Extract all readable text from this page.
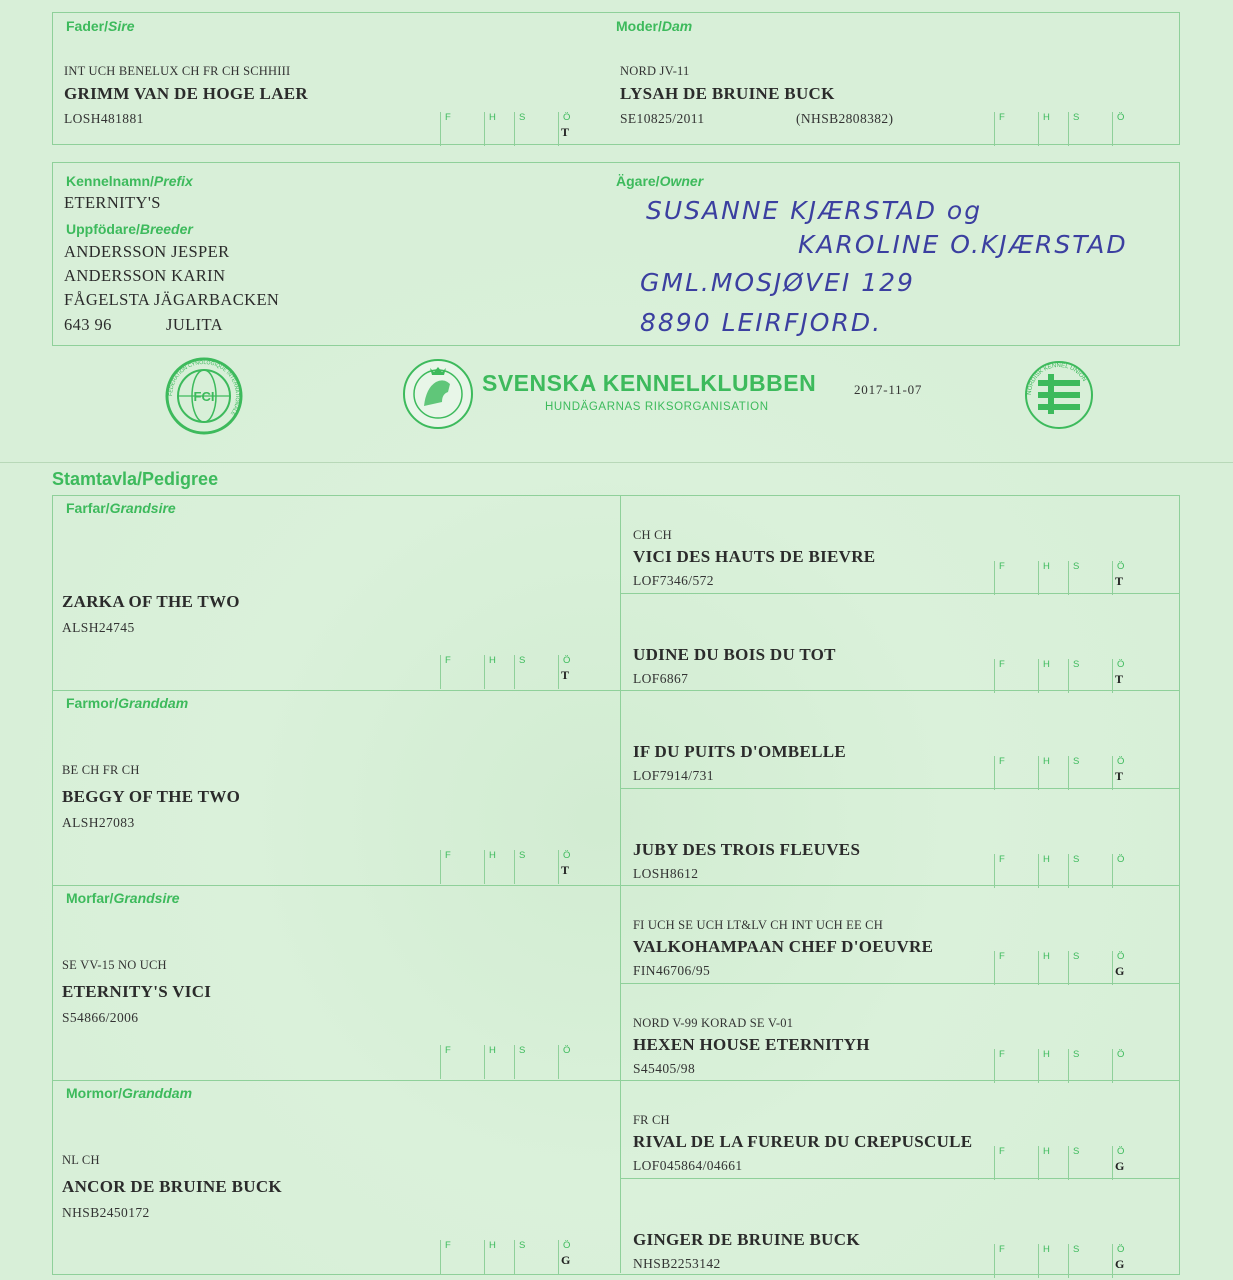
Fader/Sire
INT UCH BENELUX CH FR CH SCHHIII
GRIMM VAN DE HOGE LAER
LOSH481881	F	H	S	Ö
T
Moder/Dam
NORD JV-11
LYSAH DE BRUINE BUCK
SE10825/2011	(NHSB2808382)	F	H	S	Ö
Kennelnamn/Prefix
ETERNITY'S
Uppfödare/Breeder
ANDERSSON JESPER
ANDERSSON KARIN
FÅGELSTA JÄGARBACKEN
643 96	JULITA
Ägare/Owner
SUSANNE KJÆRSTAD og
KAROLINE O.KJÆRSTAD
GML.MOSJØVEI 129
8890 LEIRFJORD.
FCI
FÉDÉRATION CYNOLOGIQUE INTERNATIONALE
SVENSKA KENNELKLUBBEN
HUNDÄGARNAS RIKSORGANISATION
2017-11-07	NORDISK KENNEL UNION
Stamtavla/Pedigree
Farfar/Grandsire
ZARKA OF THE TWO
ALSH24745
F	H	S	Ö
T
Farmor/Granddam
BE CH FR CH
BEGGY OF THE TWO
ALSH27083
F	H	S	Ö
T
Morfar/Grandsire
SE VV-15 NO UCH
ETERNITY'S VICI
S54866/2006
F	H	S	Ö
Mormor/Granddam
NL CH
ANCOR DE BRUINE BUCK
NHSB2450172
F	H	S	Ö
G
CH CH
VICI DES HAUTS DE BIEVRE
LOF7346/572
F	H	S	Ö
T
UDINE DU BOIS DU TOT
LOF6867
F	H	S	Ö
T
IF DU PUITS D'OMBELLE
LOF7914/731
F	H	S	Ö
T
JUBY DES TROIS FLEUVES
LOSH8612
F	H	S	Ö
FI UCH SE UCH LT&LV CH INT UCH EE CH
VALKOHAMPAAN CHEF D'OEUVRE
FIN46706/95
F	H	S	Ö
G
NORD V-99 KORAD SE V-01
HEXEN HOUSE ETERNITYH
S45405/98
F	H	S	Ö
FR CH
RIVAL DE LA FUREUR DU CREPUSCULE
LOF045864/04661
F	H	S	Ö
G
GINGER DE BRUINE BUCK
NHSB2253142
F	H	S	Ö
G
